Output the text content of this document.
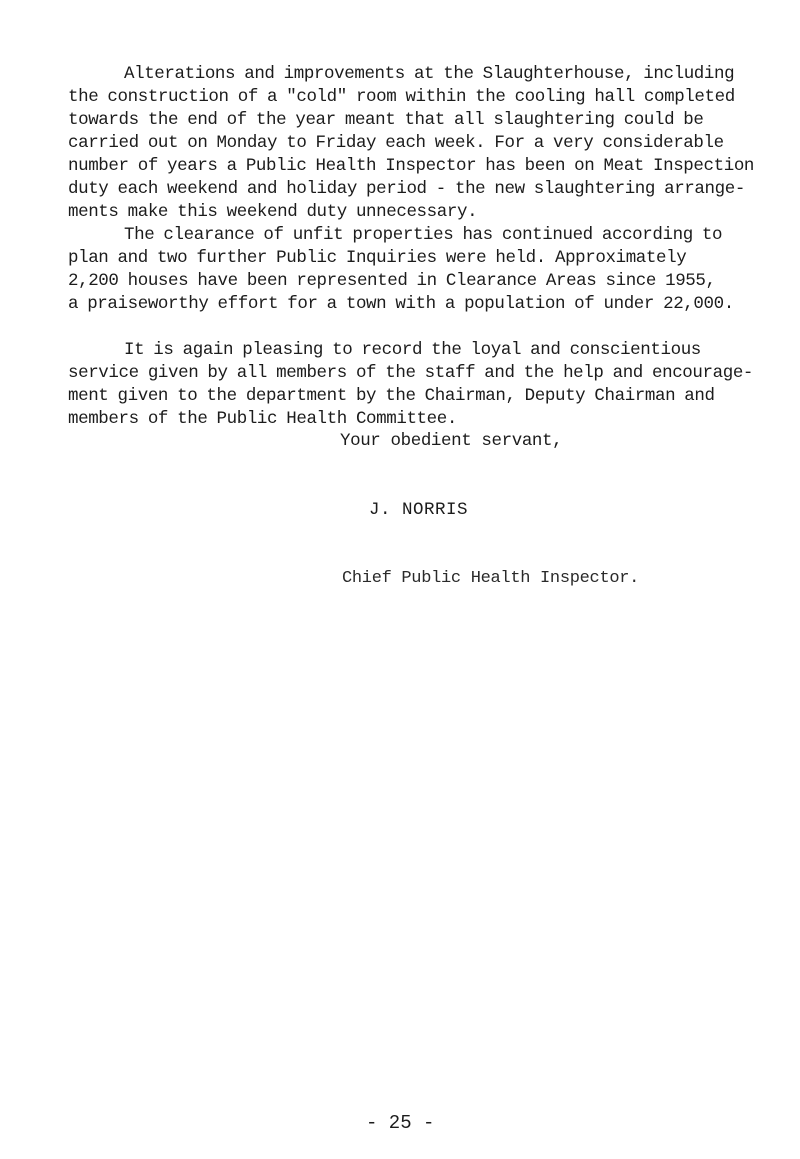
Alterations and improvements at the Slaughterhouse, including
the construction of a "cold" room within the cooling hall completed
towards the end of the year meant that all slaughtering could be
carried out on Monday to Friday each week. For a very considerable
number of years a Public Health Inspector has been on Meat Inspection
duty each weekend and holiday period - the new slaughtering arrange-
ments make this weekend duty unnecessary.
The clearance of unfit properties has continued according to
plan and two further Public Inquiries were held. Approximately
2,200 houses have been represented in Clearance Areas since 1955,
a praiseworthy effort for a town with a population of under 22,000.
It is again pleasing to record the loyal and conscientious
service given by all members of the staff and the help and encourage-
ment given to the department by the Chairman, Deputy Chairman and
members of the Public Health Committee.
Your obedient servant,
J. NORRIS
Chief Public Health Inspector.
- 25 -
